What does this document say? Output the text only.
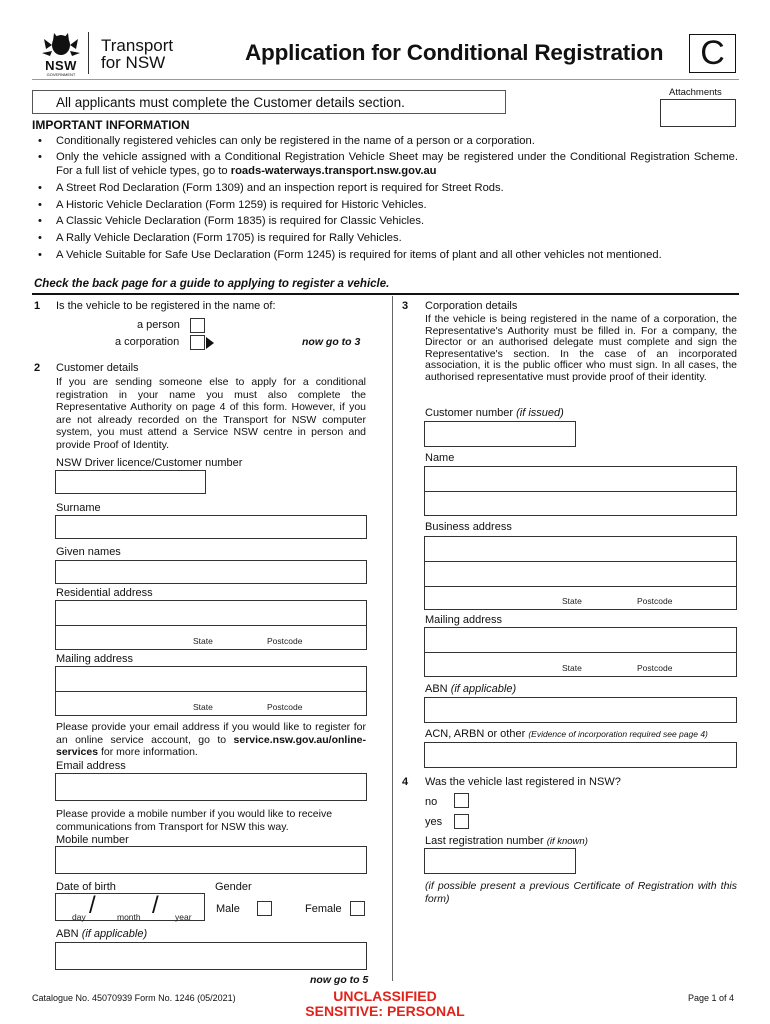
NSW
GOVERNMENT
Transport
for NSW	Application for Conditional Registration	C
Attachments
All applicants must complete the Customer details section.
IMPORTANT INFORMATION
• Conditionally registered vehicles can only be registered in the name of a person or a corporation.
• Only the vehicle assigned with a Conditional Registration Vehicle Sheet may be registered under the Conditional Registration Scheme. For a full list of vehicle types, go to roads-waterways.transport.nsw.gov.au
• A Street Rod Declaration (Form 1309) and an inspection report is required for Street Rods.
• A Historic Vehicle Declaration (Form 1259) is required for Historic Vehicles.
• A Classic Vehicle Declaration (Form 1835) is required for Classic Vehicles.
• A Rally Vehicle Declaration (Form 1705) is required for Rally Vehicles.
• A Vehicle Suitable for Safe Use Declaration (Form 1245) is required for items of plant and all other vehicles not mentioned.
Check the back page for a guide to applying to register a vehicle.
1 Is the vehicle to be registered in the name of:
a person
a corporation	now go to 3
2 Customer details
If you are sending someone else to apply for a conditional registration in your name you must also complete the Representative Authority on page 4 of this form. However, if you are not already recorded on the Transport for NSW computer system, you must attend a Service NSW centre in person and provide Proof of Identity.
NSW Driver licence/Customer number
Surname
Given names
Residential address
State	Postcode
Mailing address
State	Postcode
Please provide your email address if you would like to register for an online service account, go to service.nsw.gov.au/online-services for more information.
Email address
Please provide a mobile number if you would like to receive communications from Transport for NSW this way.
Mobile number
Date of birth
/ /
day	month	year
Gender
Male	Female
ABN (if applicable)
now go to 5
3 Corporation details
If the vehicle is being registered in the name of a corporation, the Representative's Authority must be filled in. For a company, the Director or an authorised delegate must complete and sign the Representative's section. In the case of an incorporated association, it is the public officer who must sign. In all cases, the authorised representative must provide proof of their identity.
Customer number (if issued)
Name
Business address
State	Postcode
Mailing address
State	Postcode
ABN (if applicable)
ACN, ARBN or other (Evidence of incorporation required see page 4)
4 Was the vehicle last registered in NSW?
no
yes
Last registration number (if known)
(if possible present a previous Certificate of Registration with this form)
Catalogue No. 45070939 Form No. 1246 (05/2021)	UNCLASSIFIED
SENSITIVE: PERSONAL
Page 1 of 4
